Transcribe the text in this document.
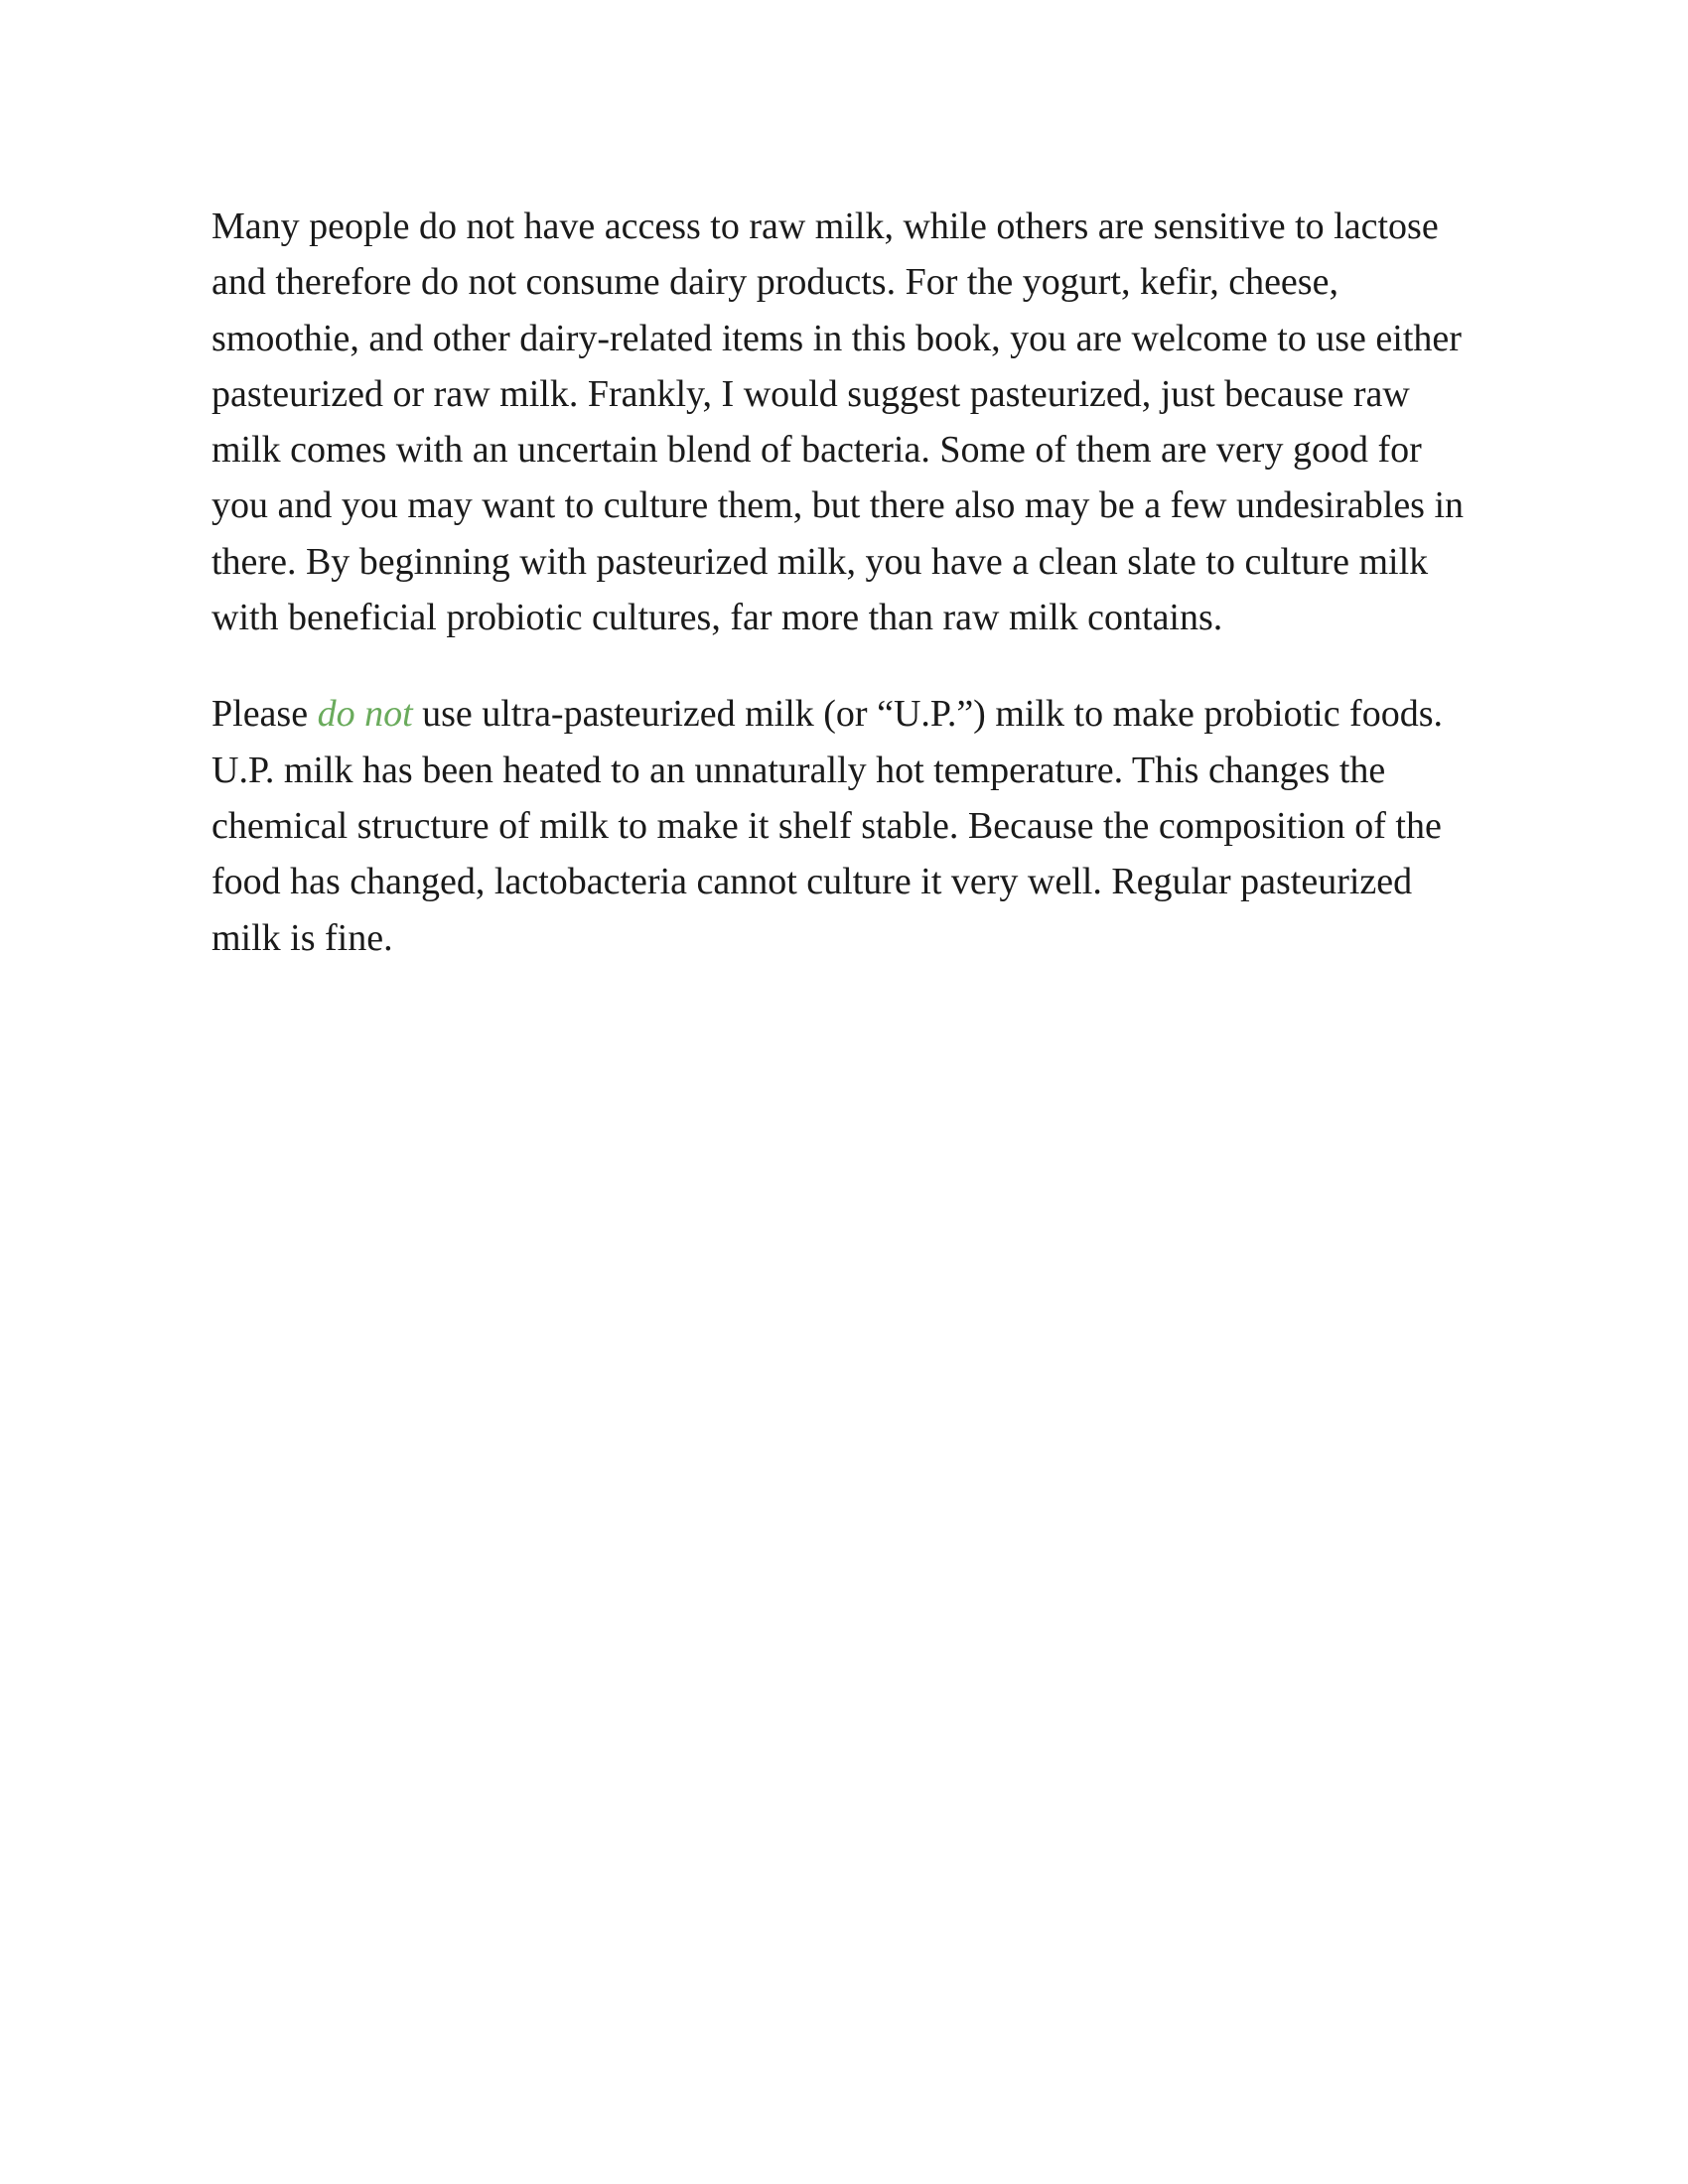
Many people do not have access to raw milk, while others are sensitive to lactose and therefore do not consume dairy products. For the yogurt, kefir, cheese, smoothie, and other dairy-related items in this book, you are welcome to use either pasteurized or raw milk. Frankly, I would suggest pasteurized, just because raw milk comes with an uncertain blend of bacteria. Some of them are very good for you and you may want to culture them, but there also may be a few undesirables in there. By beginning with pasteurized milk, you have a clean slate to culture milk with beneficial probiotic cultures, far more than raw milk contains.

Please do not use ultra-pasteurized milk (or “U.P.”) milk to make probiotic foods. U.P. milk has been heated to an unnaturally hot temperature. This changes the chemical structure of milk to make it shelf stable. Because the composition of the food has changed, lactobacteria cannot culture it very well. Regular pasteurized milk is fine.
